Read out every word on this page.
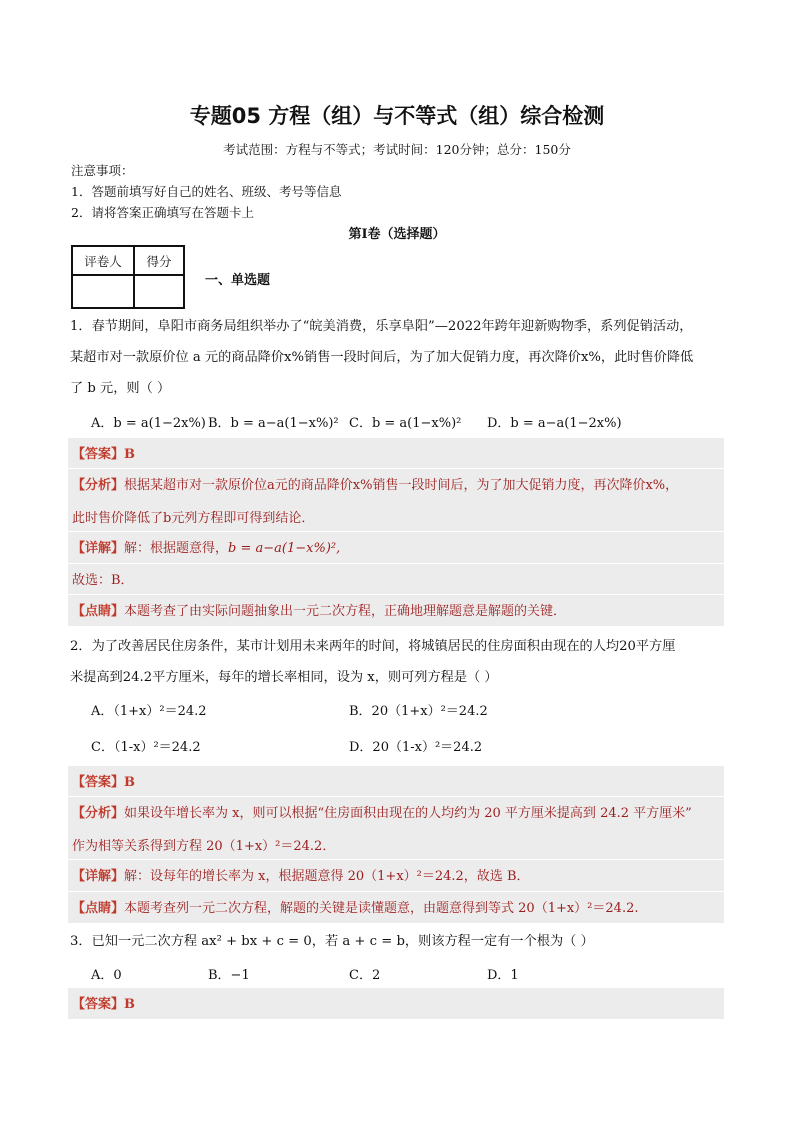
专题05 方程（组）与不等式（组）综合检测
考试范围：方程与不等式；考试时间：120分钟；总分：150分
注意事项：
1．答题前填写好自己的姓名、班级、考号等信息
2．请将答案正确填写在答题卡上
第I卷（选择题）
评卷人	得分

一、单选题
1．春节期间，阜阳市商务局组织举办了“皖美消费，乐享阜阳”—2022年跨年迎新购物季，系列促销活动，
某超市对一款原价位 a 元的商品降价x%销售一段时间后，为了加大促销力度，再次降价x%，此时售价降低
了 b 元，则（ ）
A．b = a(1−2x%) B．b = a−a(1−x%)² C．b = a(1−x%)² D．b = a−a(1−2x%)
【答案】B
【分析】根据某超市对一款原价位a元的商品降价x%销售一段时间后，为了加大促销力度，再次降价x%，
此时售价降低了b元列方程即可得到结论．
【详解】解：根据题意得，b = a−a(1−x%)²,
故选：B．
【点睛】本题考查了由实际问题抽象出一元二次方程，正确地理解题意是解题的关键．
2．为了改善居民住房条件，某市计划用未来两年的时间，将城镇居民的住房面积由现在的人均20平方厘
米提高到24.2平方厘米，每年的增长率相同，设为 x，则可列方程是（ ）
A．（1+x）²＝24.2	B．20（1+x）²＝24.2
C．（1-x）²＝24.2	D．20（1-x）²＝24.2
【答案】B
【分析】如果设年增长率为 x，则可以根据“住房面积由现在的人均约为 20 平方厘米提高到 24.2 平方厘米”
作为相等关系得到方程 20（1+x）²＝24.2．
【详解】解：设每年的增长率为 x，根据题意得 20（1+x）²＝24.2，故选 B．
【点睛】本题考查列一元二次方程，解题的关键是读懂题意，由题意得到等式 20（1+x）²＝24.2.
3．已知一元二次方程 ax² + bx + c = 0，若 a + c = b，则该方程一定有一个根为（ ）
A．0	B．−1	C．2	D．1
【答案】B
